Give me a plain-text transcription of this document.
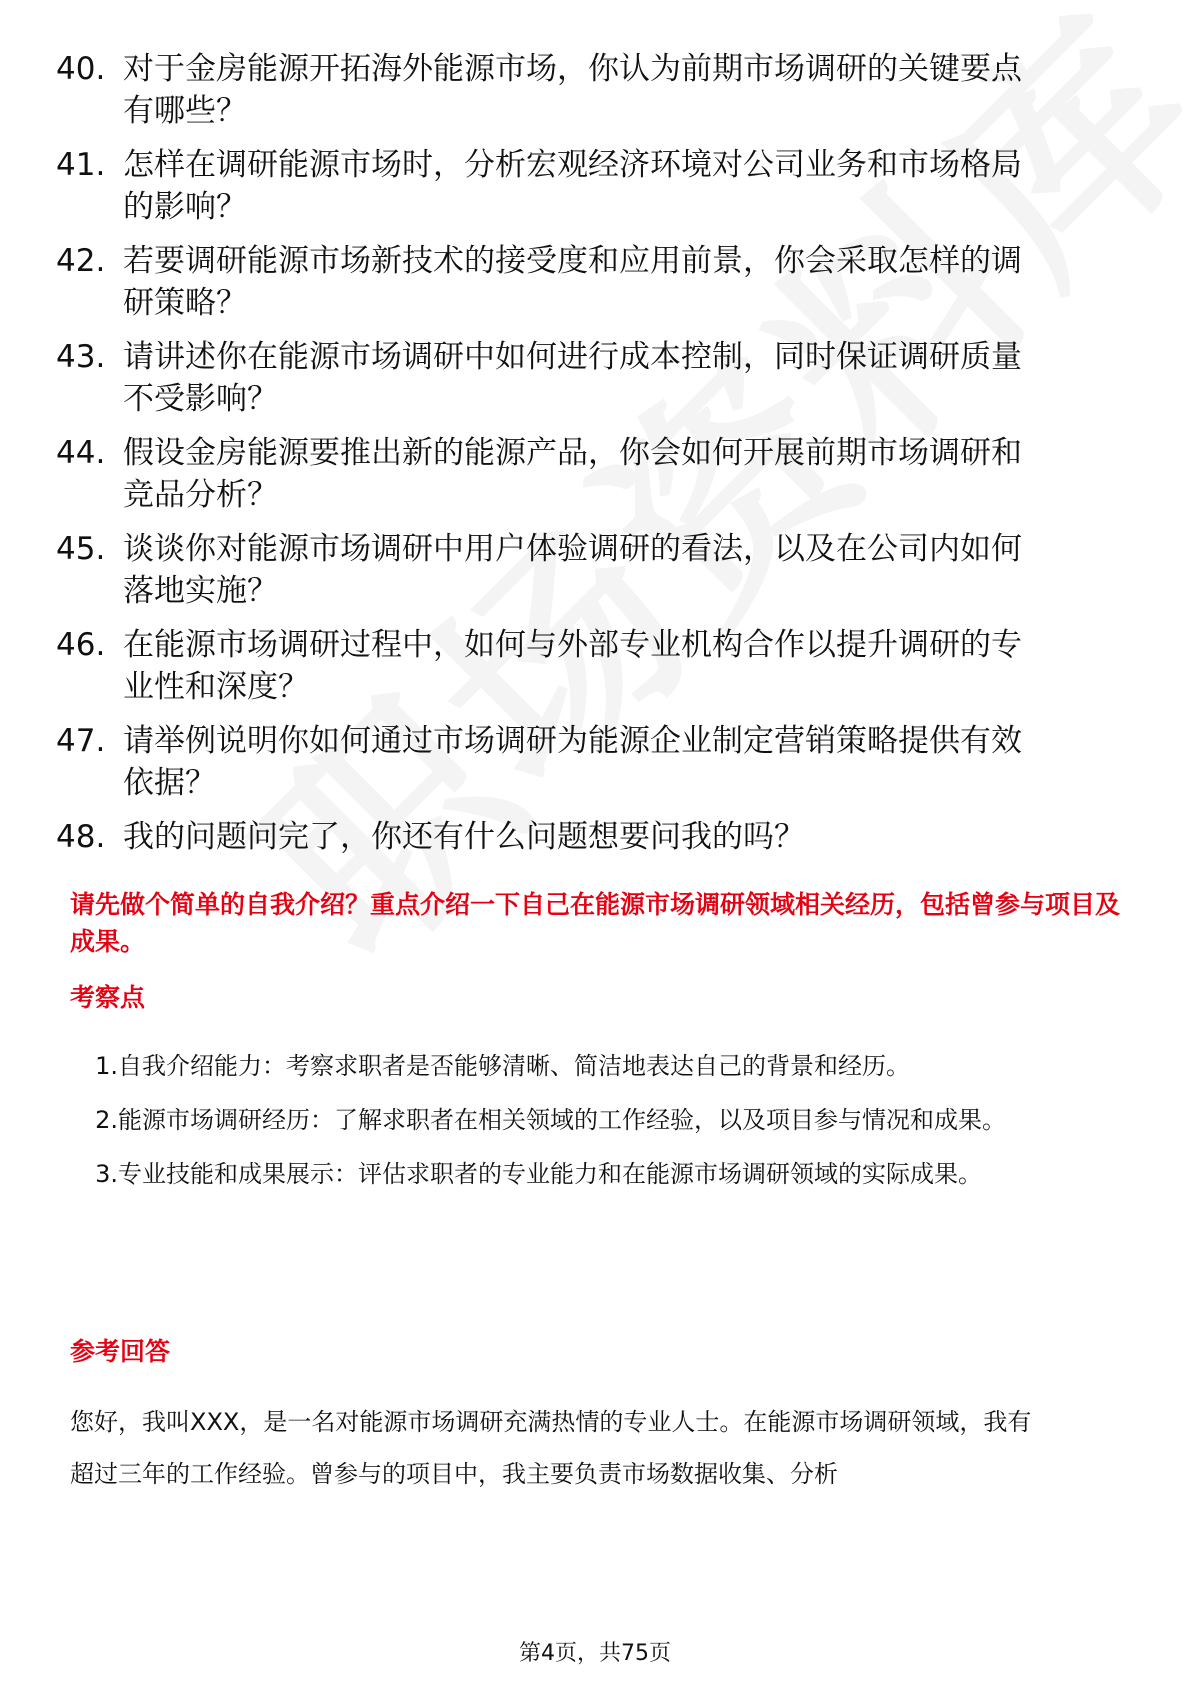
40. 对于金房能源开拓海外能源市场，你认为前期市场调研的关键要点有哪些？
41. 怎样在调研能源市场时，分析宏观经济环境对公司业务和市场格局的影响？
42. 若要调研能源市场新技术的接受度和应用前景，你会采取怎样的调研策略？
43. 请讲述你在能源市场调研中如何进行成本控制，同时保证调研质量不受影响？
44. 假设金房能源要推出新的能源产品，你会如何开展前期市场调研和竞品分析？
45. 谈谈你对能源市场调研中用户体验调研的看法，以及在公司内如何落地实施？
46. 在能源市场调研过程中，如何与外部专业机构合作以提升调研的专业性和深度？
47. 请举例说明你如何通过市场调研为能源企业制定营销策略提供有效依据？
48. 我的问题问完了，你还有什么问题想要问我的吗？
请先做个简单的自我介绍？重点介绍一下自己在能源市场调研领域相关经历，包括曾参与项目及成果。
考察点
1. 自我介绍能力：考察求职者是否能够清晰、简洁地表达自己的背景和经历。
2. 能源市场调研经历：了解求职者在相关领域的工作经验，以及项目参与情况和成果。
3. 专业技能和成果展示：评估求职者的专业能力和在能源市场调研领域的实际成果。
参考回答
您好，我叫XXX，是一名对能源市场调研充满热情的专业人士。在能源市场调研领域，我有超过三年的工作经验。曾参与的项目中，我主要负责市场数据收集、分析
第4页，共75页
